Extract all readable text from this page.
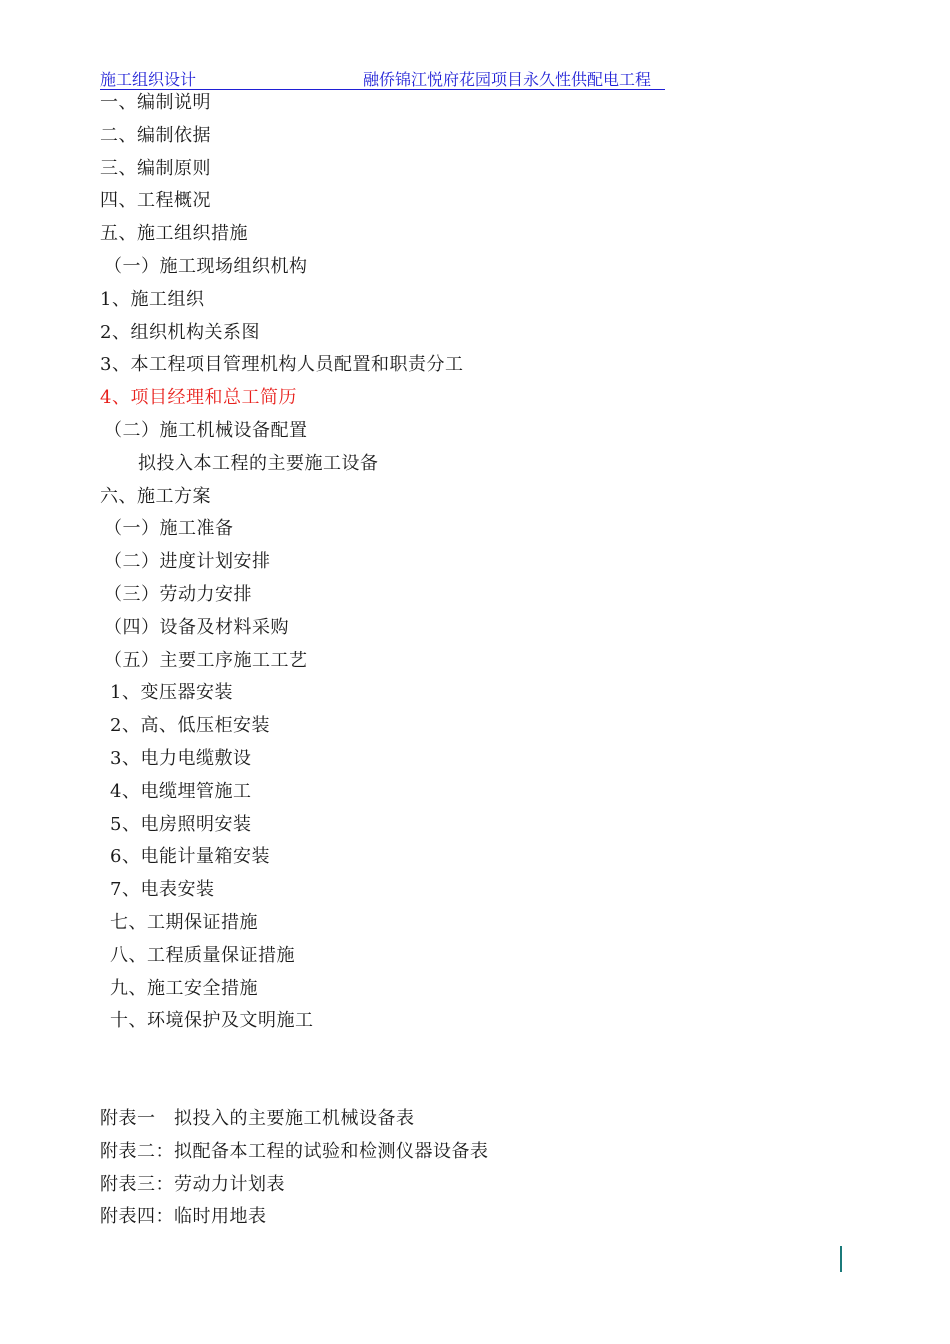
施工组织设计	融侨锦江悦府花园项目永久性供配电工程
一、编制说明
二、编制依据
三、编制原则
四、工程概况
五、施工组织措施
（一）施工现场组织机构
1、施工组织
2、组织机构关系图
3、本工程项目管理机构人员配置和职责分工
4、项目经理和总工简历
（二）施工机械设备配置
拟投入本工程的主要施工设备
六、施工方案
（一）施工准备
（二）进度计划安排
（三）劳动力安排
（四）设备及材料采购
（五）主要工序施工工艺
1、变压器安装
2、高、低压柜安装
3、电力电缆敷设
4、电缆埋管施工
5、电房照明安装
6、电能计量箱安装
7、电表安装
七、工期保证措施
八、工程质量保证措施
九、施工安全措施
十、环境保护及文明施工
附表一　拟投入的主要施工机械设备表
附表二：拟配备本工程的试验和检测仪器设备表
附表三：劳动力计划表
附表四：临时用地表
